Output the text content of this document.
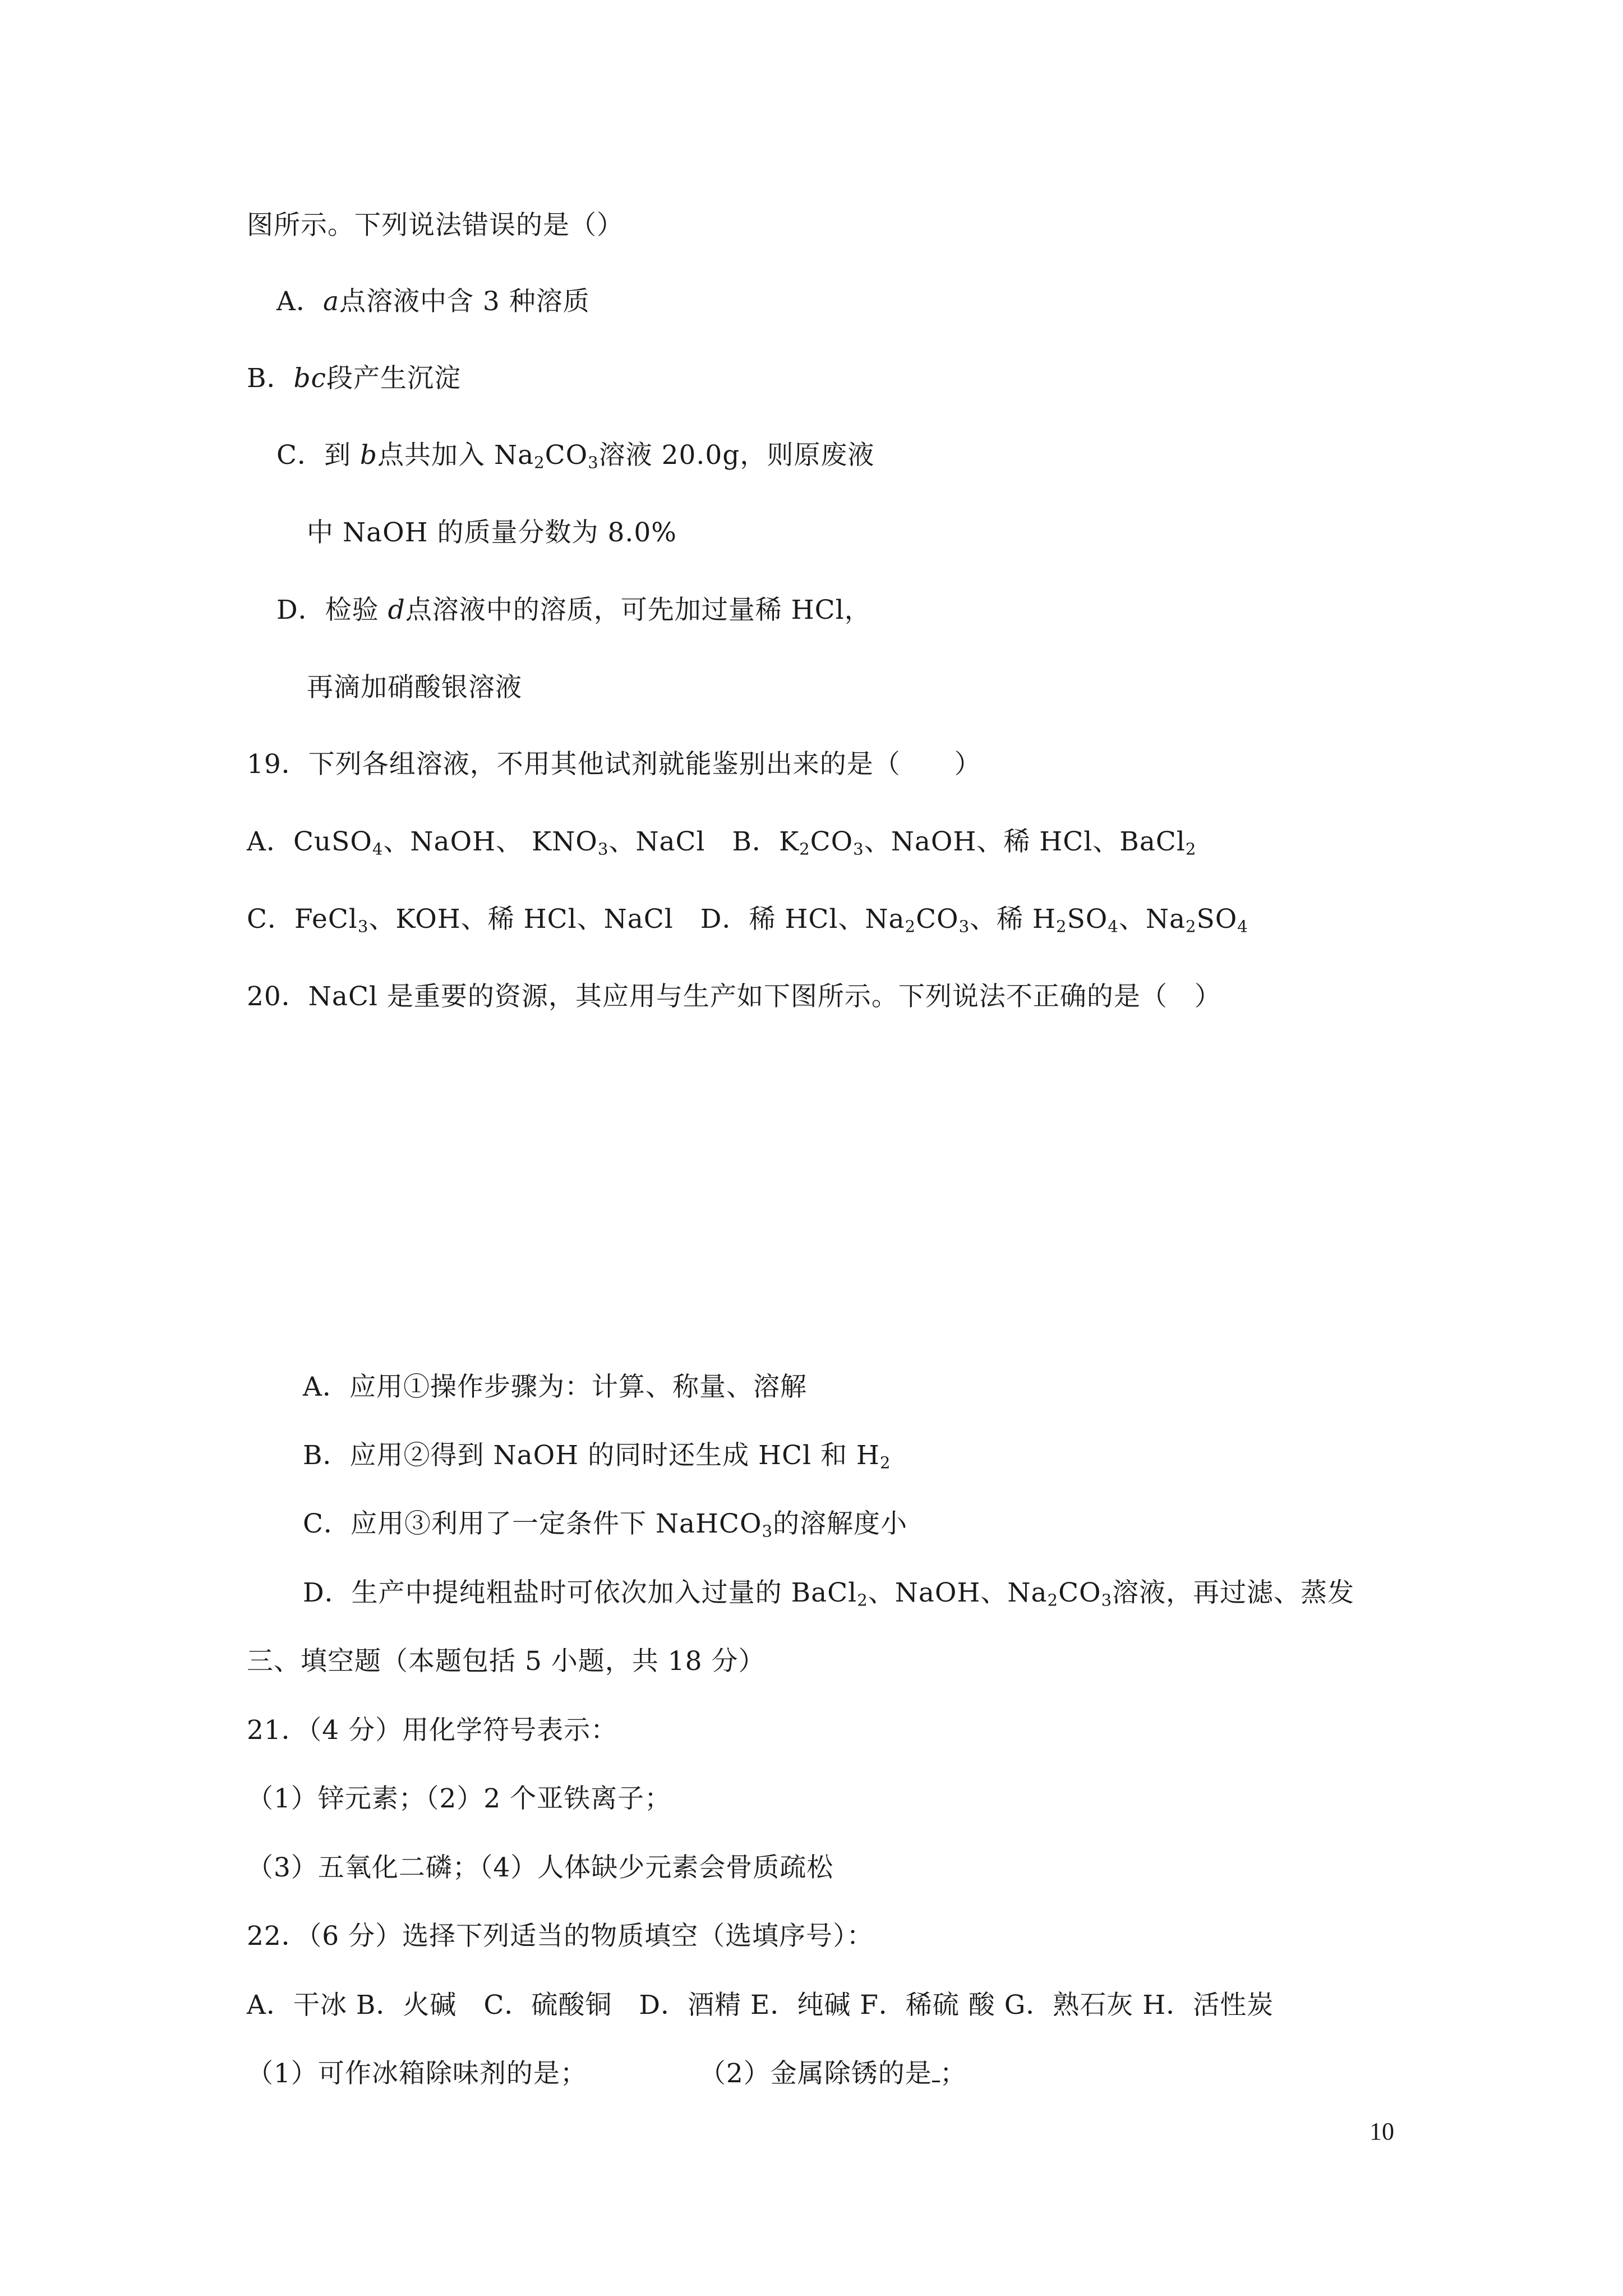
图所示。下列说法错误的是（）
A．a点溶液中含 3 种溶质
B．bc段产生沉淀
C．到 b点共加入 $Na_2CO_3$溶液 20.0g，则原废液
中 NaOH 的质量分数为 8.0%
D．检验 d点溶液中的溶质，可先加过量稀 HCl，
再滴加硝酸银溶液
19．下列各组溶液，不用其他试剂就能鉴别出来的是（　　）
A．CuSO$_4$、NaOH、 $KNO_3$、NaCl　B．$K_2CO_3$、NaOH、稀 HCl、BaCl$_2$
C．FeCl$_3$、KOH、稀 HCl、NaCl　D．稀 HCl、$Na_2CO_3$、稀 $H_2SO_4$、$Na_2SO_4$
20．NaCl 是重要的资源，其应用与生产如下图所示。下列说法不正确的是（　）
A．应用①操作步骤为：计算、称量、溶解
B．应用②得到 NaOH 的同时还生成 HCl 和 $H_2$
C．应用③利用了一定条件下 NaHCO$_3$的溶解度小
D．生产中提纯粗盐时可依次加入过量的 BaCl$_2$、NaOH、$Na_2CO_3$溶液，再过滤、蒸发
三、填空题（本题包括 5 小题，共 18 分）
21．（4 分）用化学符号表示：
（1）锌元素；（2）2 个亚铁离子；
（3）五氧化二磷；（4）人体缺少元素会骨质疏松
22．（6 分）选择下列适当的物质填空（选填序号）：
A．干冰 B．火碱　C．硫酸铜　D．酒精 E．纯碱 F．稀硫 酸 G．熟石灰 H．活性炭
（1）可作冰箱除味剂的是；	（2）金属除锈的是 ；
10
